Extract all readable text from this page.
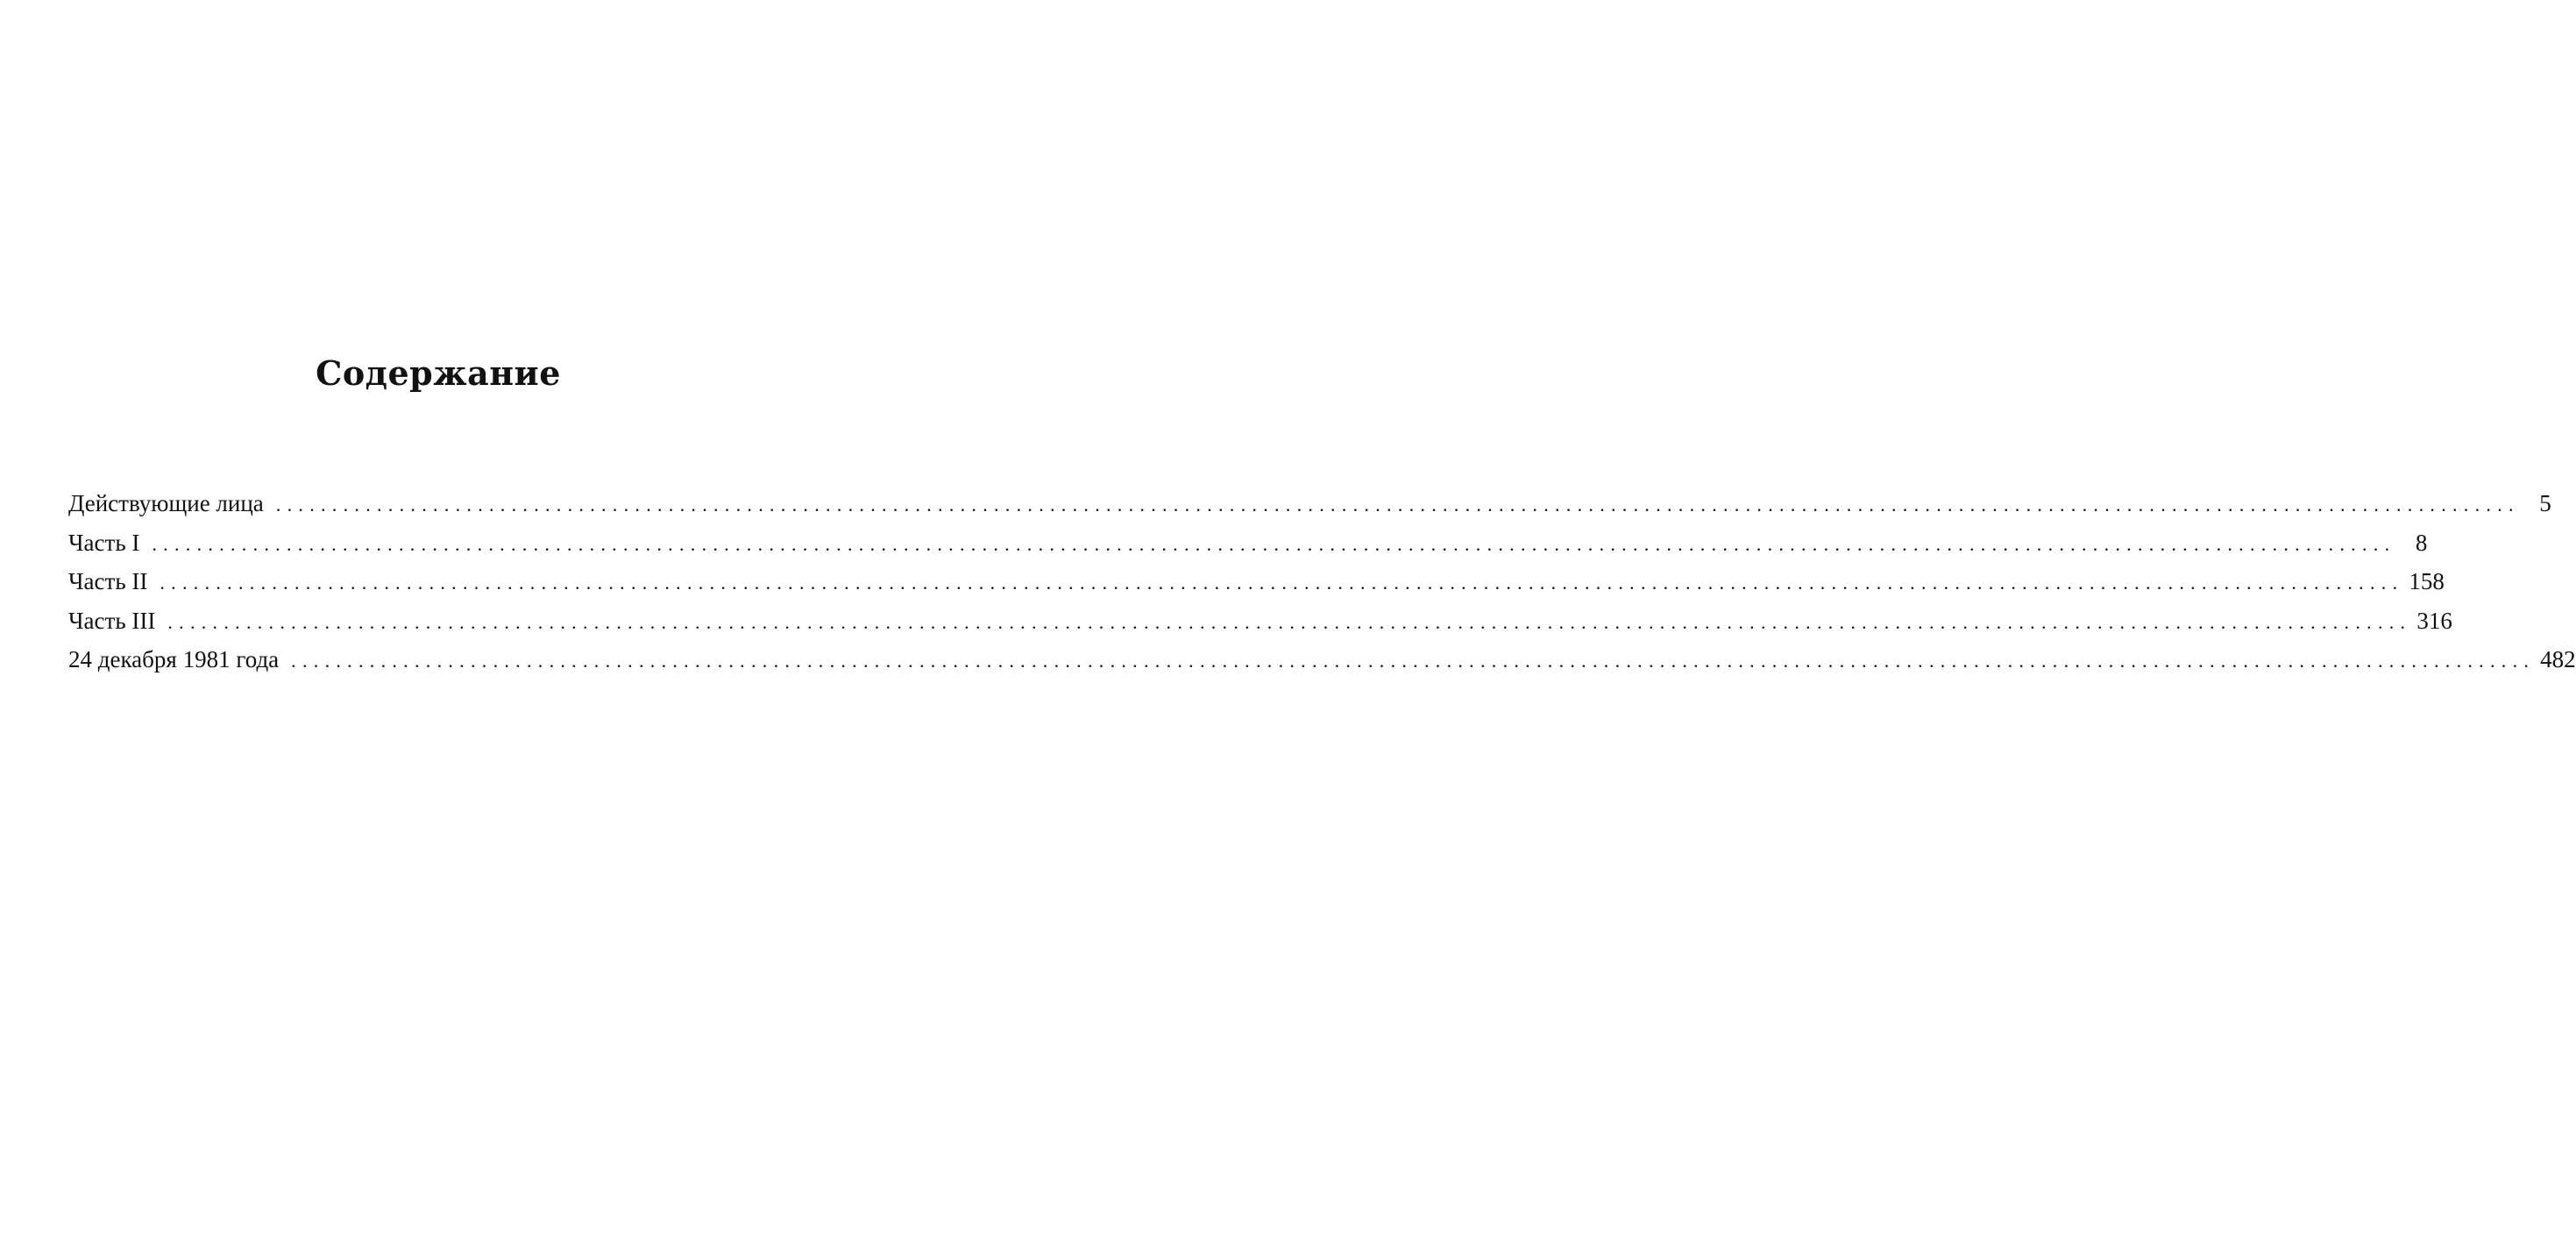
Содержание
Действующие лица ........................................................................................................................................................................................................ 5
Часть I ........................................................................................................................................................................................................ 8
Часть II ........................................................................................................................................................................................................ 158
Часть III ........................................................................................................................................................................................................ 316
24 декабря 1981 года ........................................................................................................................................................................................................ 482
